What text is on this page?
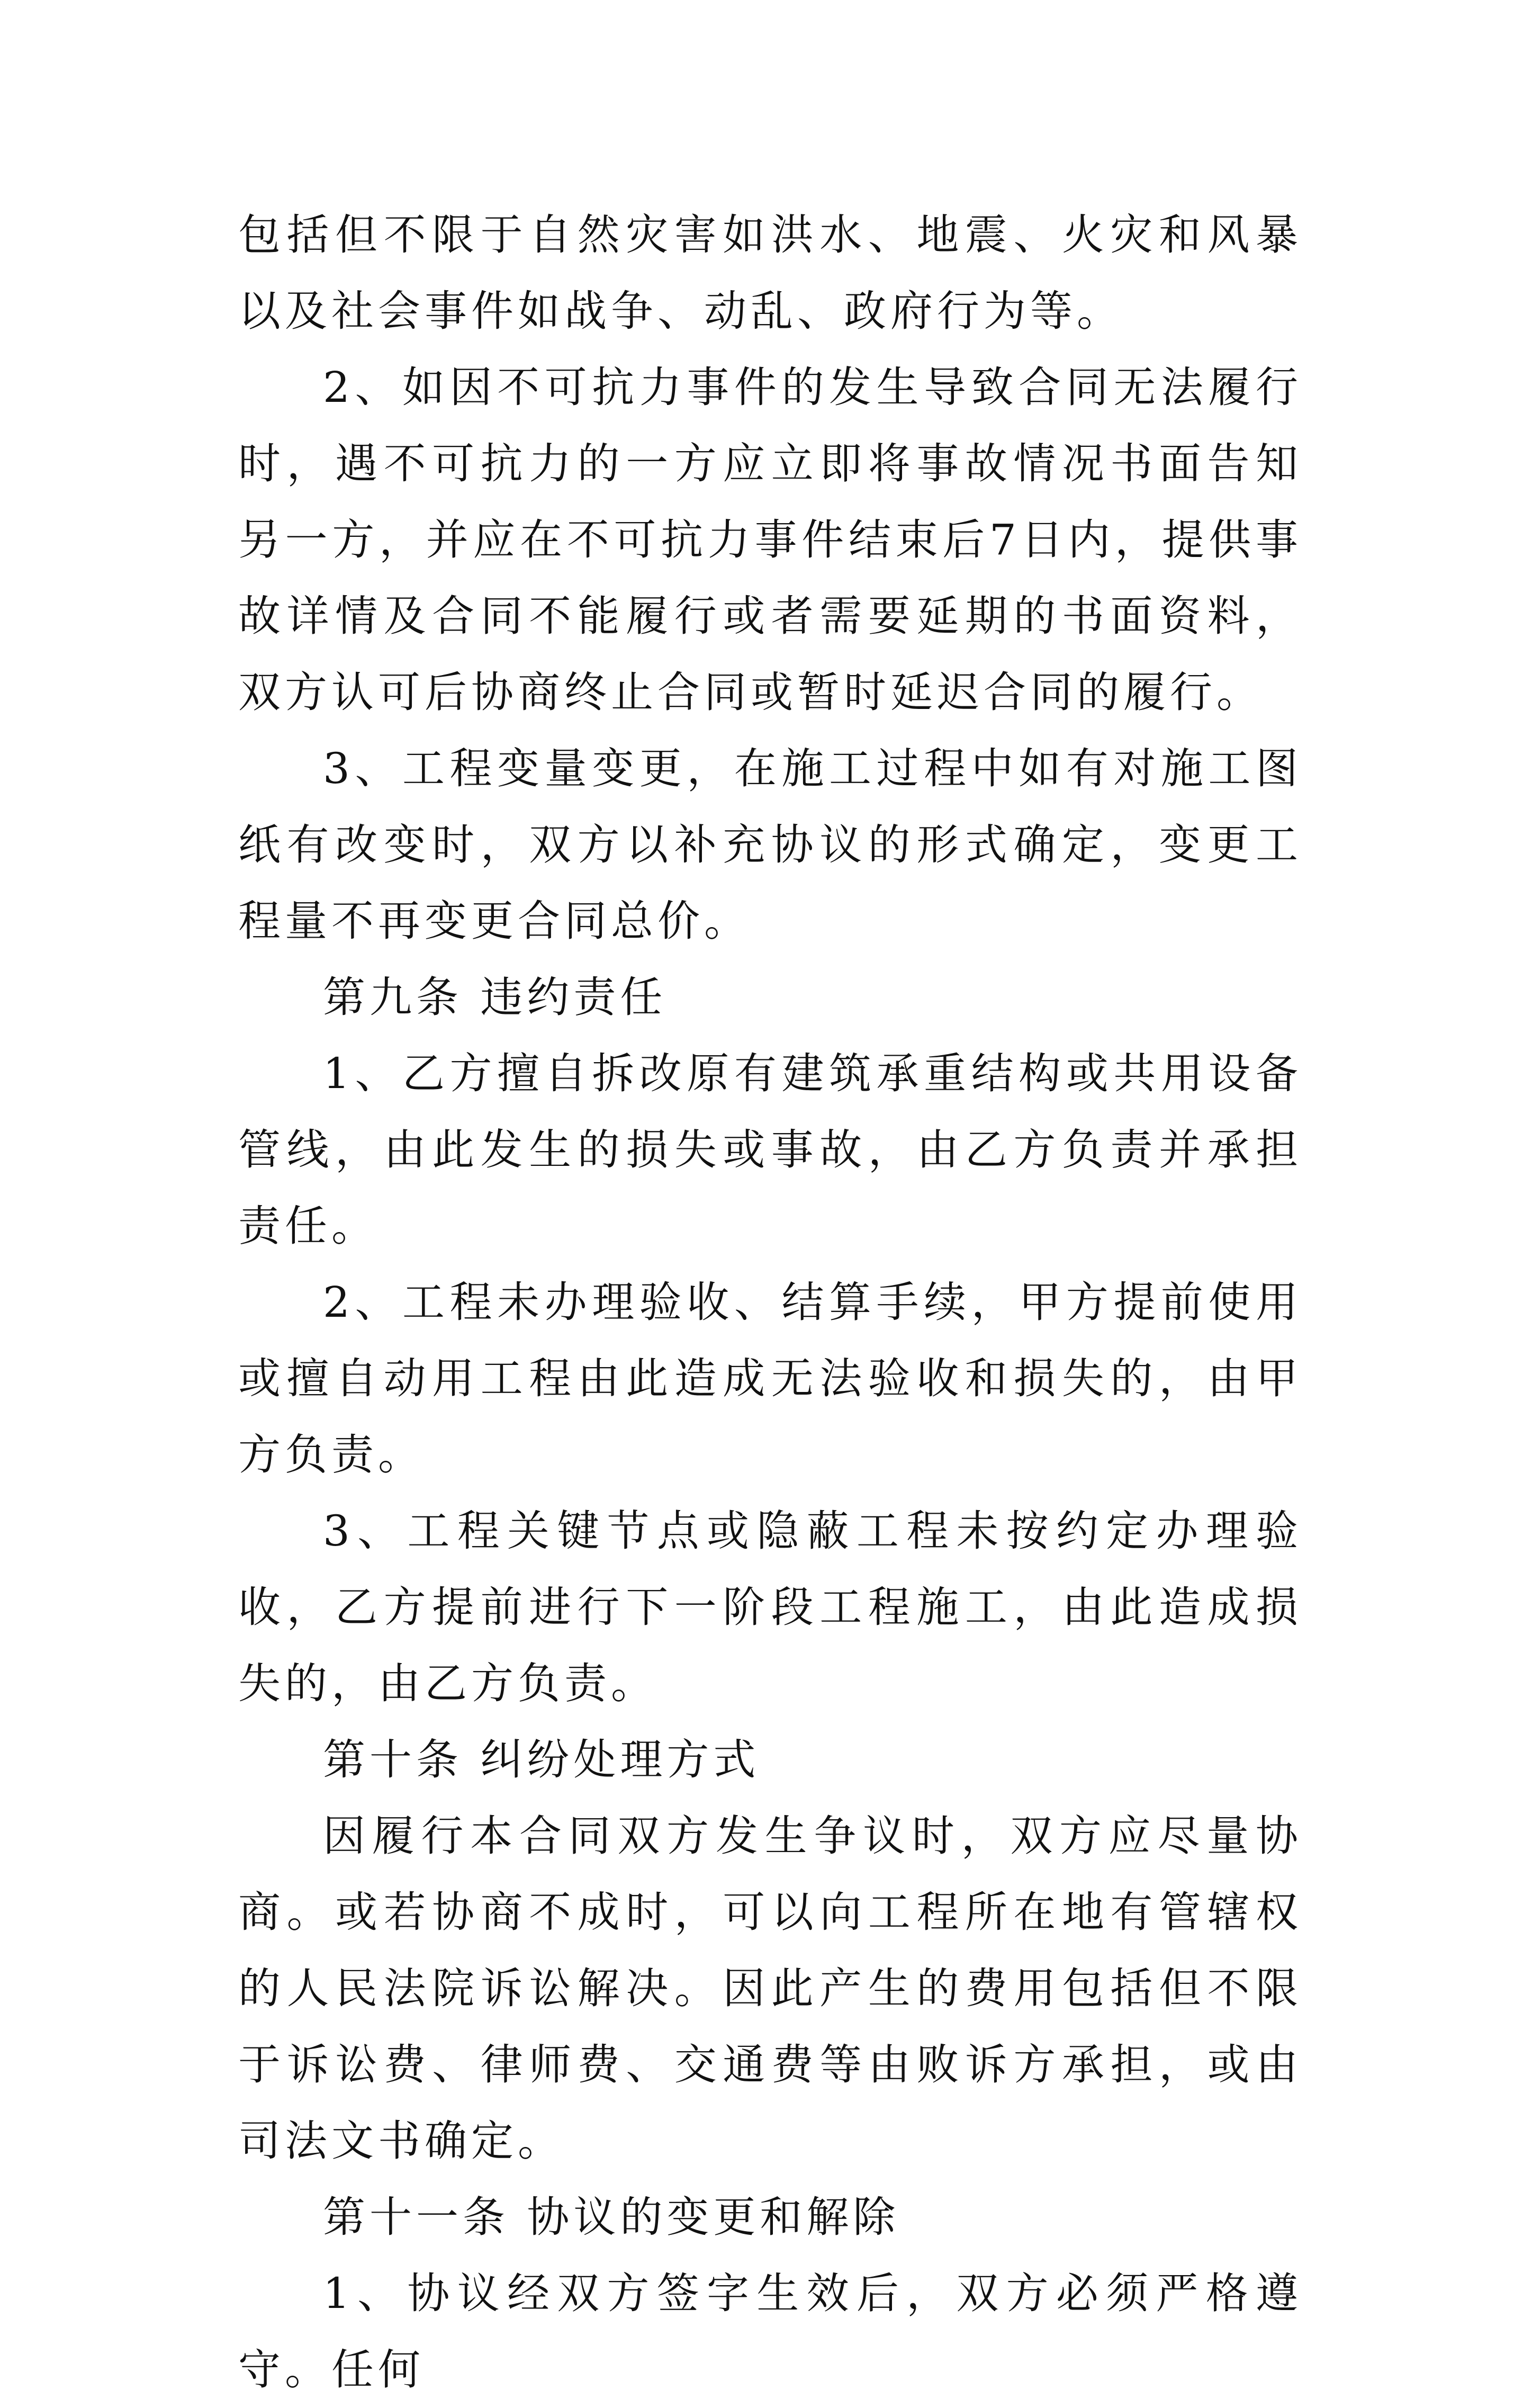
包括但不限于自然灾害如洪水、地震、火灾和风暴以及社会事件如战争、动乱、政府行为等。

2、如因不可抗力事件的发生导致合同无法履行时，遇不可抗力的一方应立即将事故情况书面告知另一方，并应在不可抗力事件结束后7日内，提供事故详情及合同不能履行或者需要延期的书面资料，双方认可后协商终止合同或暂时延迟合同的履行。

3、工程变量变更，在施工过程中如有对施工图纸有改变时，双方以补充协议的形式确定，变更工程量不再变更合同总价。

第九条 违约责任

1、乙方擅自拆改原有建筑承重结构或共用设备管线，由此发生的损失或事故，由乙方负责并承担责任。

2、工程未办理验收、结算手续，甲方提前使用或擅自动用工程由此造成无法验收和损失的，由甲方负责。

3、工程关键节点或隐蔽工程未按约定办理验收，乙方提前进行下一阶段工程施工，由此造成损失的，由乙方负责。

第十条 纠纷处理方式

因履行本合同双方发生争议时，双方应尽量协商。或若协商不成时，可以向工程所在地有管辖权的人民法院诉讼解决。因此产生的费用包括但不限于诉讼费、律师费、交通费等由败诉方承担，或由司法文书确定。

第十一条 协议的变更和解除

1、协议经双方签字生效后，双方必须严格遵守。任何
